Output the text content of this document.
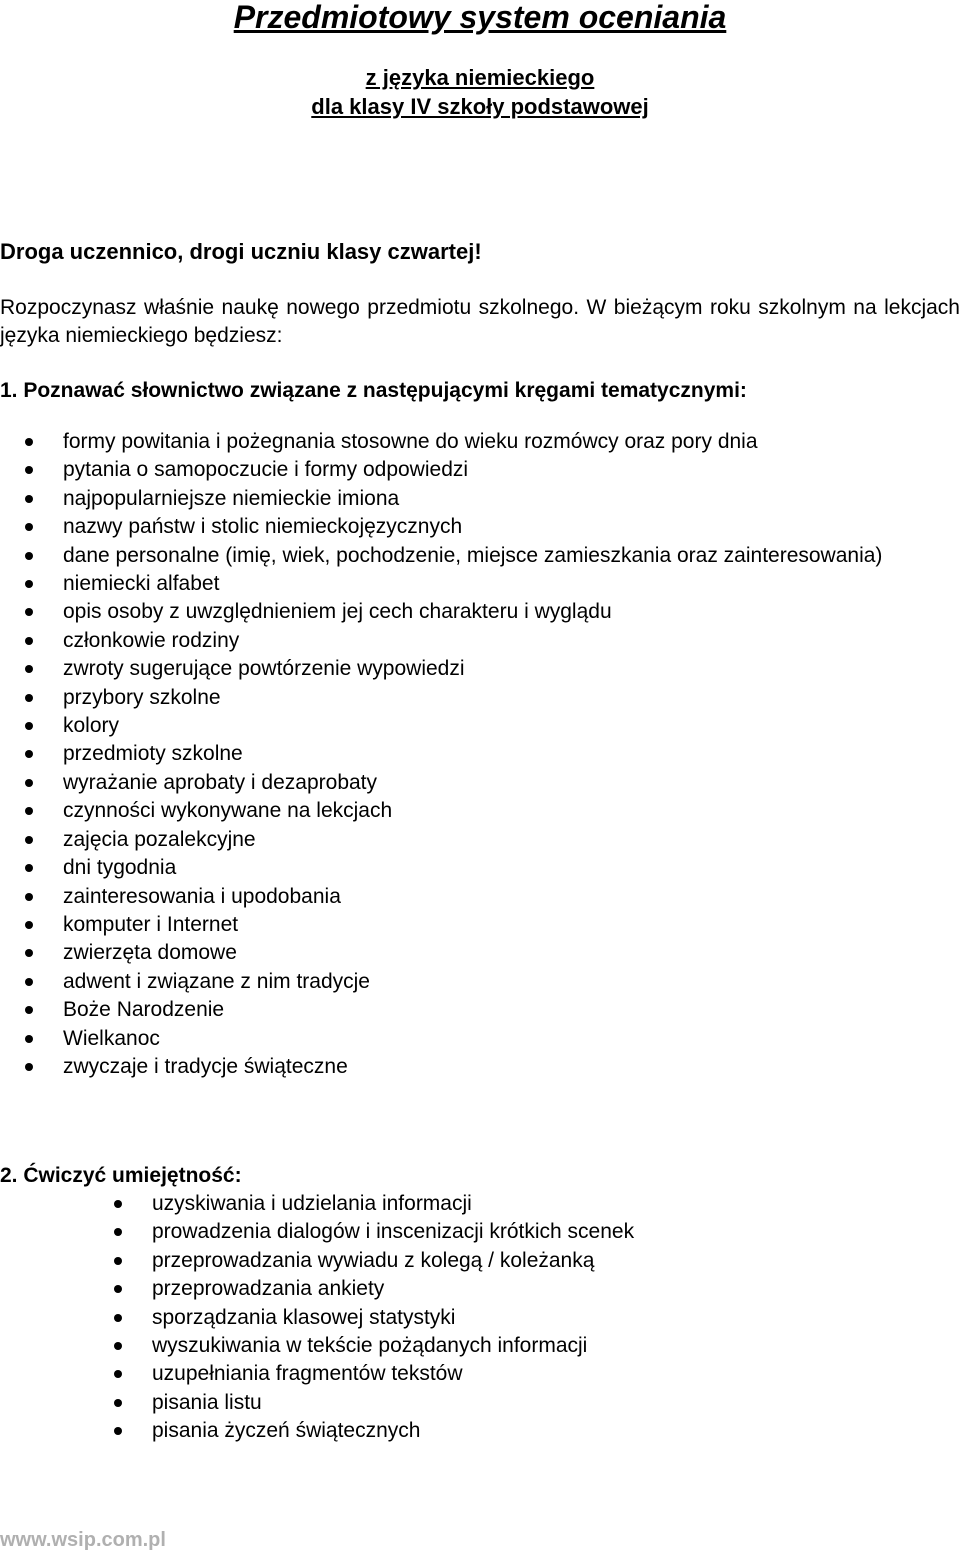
Przedmiotowy system oceniania
z języka niemieckiego
dla klasy IV szkoły podstawowej
Droga uczennico, drogi uczniu klasy czwartej!
Rozpoczynasz właśnie naukę nowego przedmiotu szkolnego. W bieżącym roku szkolnym na lekcjach języka niemieckiego będziesz:
1. Poznawać słownictwo związane z następującymi kręgami tematycznymi:
formy powitania i pożegnania stosowne do wieku rozmówcy oraz pory dnia
pytania o samopoczucie i formy odpowiedzi
najpopularniejsze niemieckie imiona
nazwy państw i stolic niemieckojęzycznych
dane personalne (imię, wiek, pochodzenie, miejsce zamieszkania oraz zainteresowania)
niemiecki alfabet
opis osoby z uwzględnieniem jej cech charakteru i wyglądu
członkowie rodziny
zwroty sugerujące powtórzenie wypowiedzi
przybory szkolne
kolory
przedmioty szkolne
wyrażanie aprobaty i dezaprobaty
czynności wykonywane na lekcjach
zajęcia pozalekcyjne
dni tygodnia
zainteresowania i upodobania
komputer i Internet
zwierzęta domowe
adwent i związane z nim tradycje
Boże Narodzenie
Wielkanoc
zwyczaje i tradycje świąteczne
2. Ćwiczyć umiejętność:
uzyskiwania i udzielania informacji
prowadzenia dialogów i inscenizacji krótkich scenek
przeprowadzania wywiadu z kolegą / koleżanką
przeprowadzania ankiety
sporządzania klasowej statystyki
wyszukiwania w tekście pożądanych informacji
uzupełniania fragmentów tekstów
pisania listu
pisania życzeń świątecznych
www.wsip.com.pl
